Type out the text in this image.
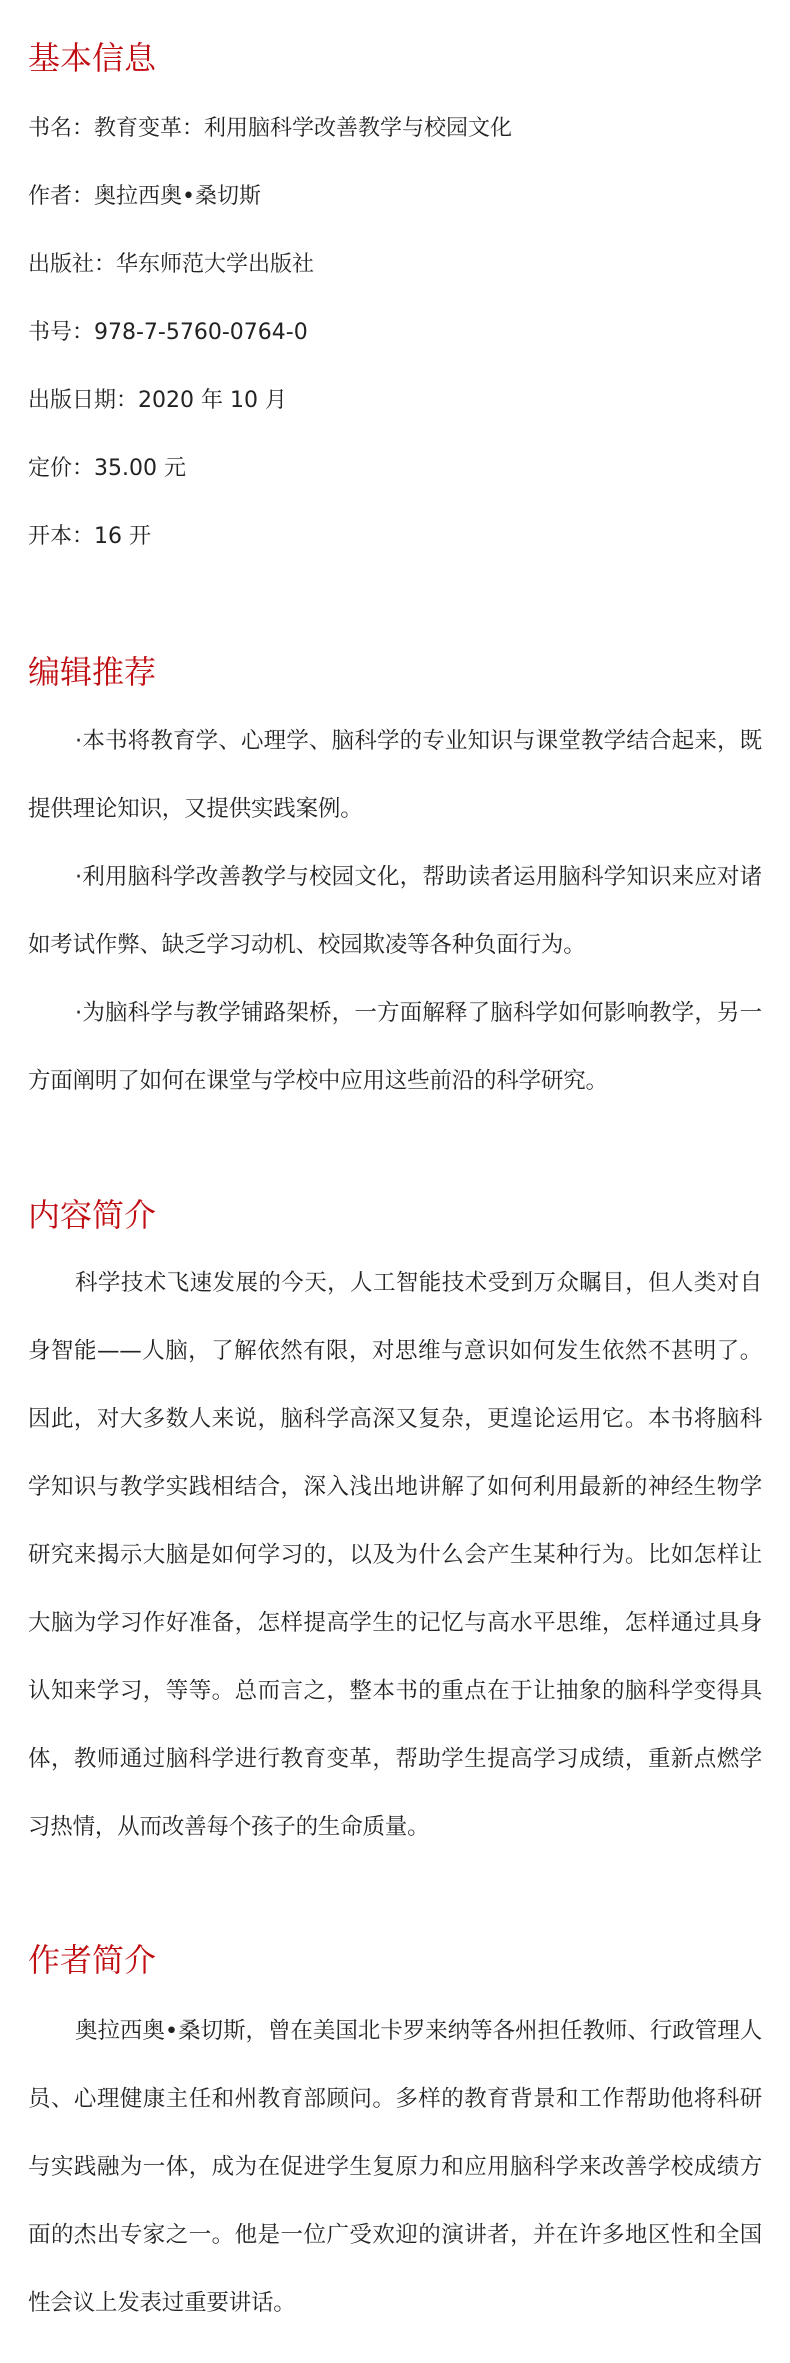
基本信息
书名：教育变革：利用脑科学改善教学与校园文化
作者：奥拉西奥•桑切斯
出版社：华东师范大学出版社
书号：978-7-5760-0764-0
出版日期：2020 年 10 月
定价：35.00 元
开本：16 开
编辑推荐

·本书将教育学、心理学、脑科学的专业知识与课堂教学结合起来，既提供理论知识，又提供实践案例。

·利用脑科学改善教学与校园文化，帮助读者运用脑科学知识来应对诸如考试作弊、缺乏学习动机、校园欺凌等各种负面行为。

·为脑科学与教学铺路架桥，一方面解释了脑科学如何影响教学，另一方面阐明了如何在课堂与学校中应用这些前沿的科学研究。

内容简介

科学技术飞速发展的今天，人工智能技术受到万众瞩目，但人类对自身智能——人脑，了解依然有限，对思维与意识如何发生依然不甚明了。因此，对大多数人来说，脑科学高深又复杂，更遑论运用它。本书将脑科学知识与教学实践相结合，深入浅出地讲解了如何利用最新的神经生物学研究来揭示大脑是如何学习的，以及为什么会产生某种行为。比如怎样让大脑为学习作好准备，怎样提高学生的记忆与高水平思维，怎样通过具身认知来学习，等等。总而言之，整本书的重点在于让抽象的脑科学变得具体，教师通过脑科学进行教育变革，帮助学生提高学习成绩，重新点燃学习热情，从而改善每个孩子的生命质量。

作者简介

奥拉西奥•桑切斯，曾在美国北卡罗来纳等各州担任教师、行政管理人员、心理健康主任和州教育部顾问。多样的教育背景和工作帮助他将科研与实践融为一体，成为在促进学生复原力和应用脑科学来改善学校成绩方面的杰出专家之一。他是一位广受欢迎的演讲者，并在许多地区性和全国性会议上发表过重要讲话。
